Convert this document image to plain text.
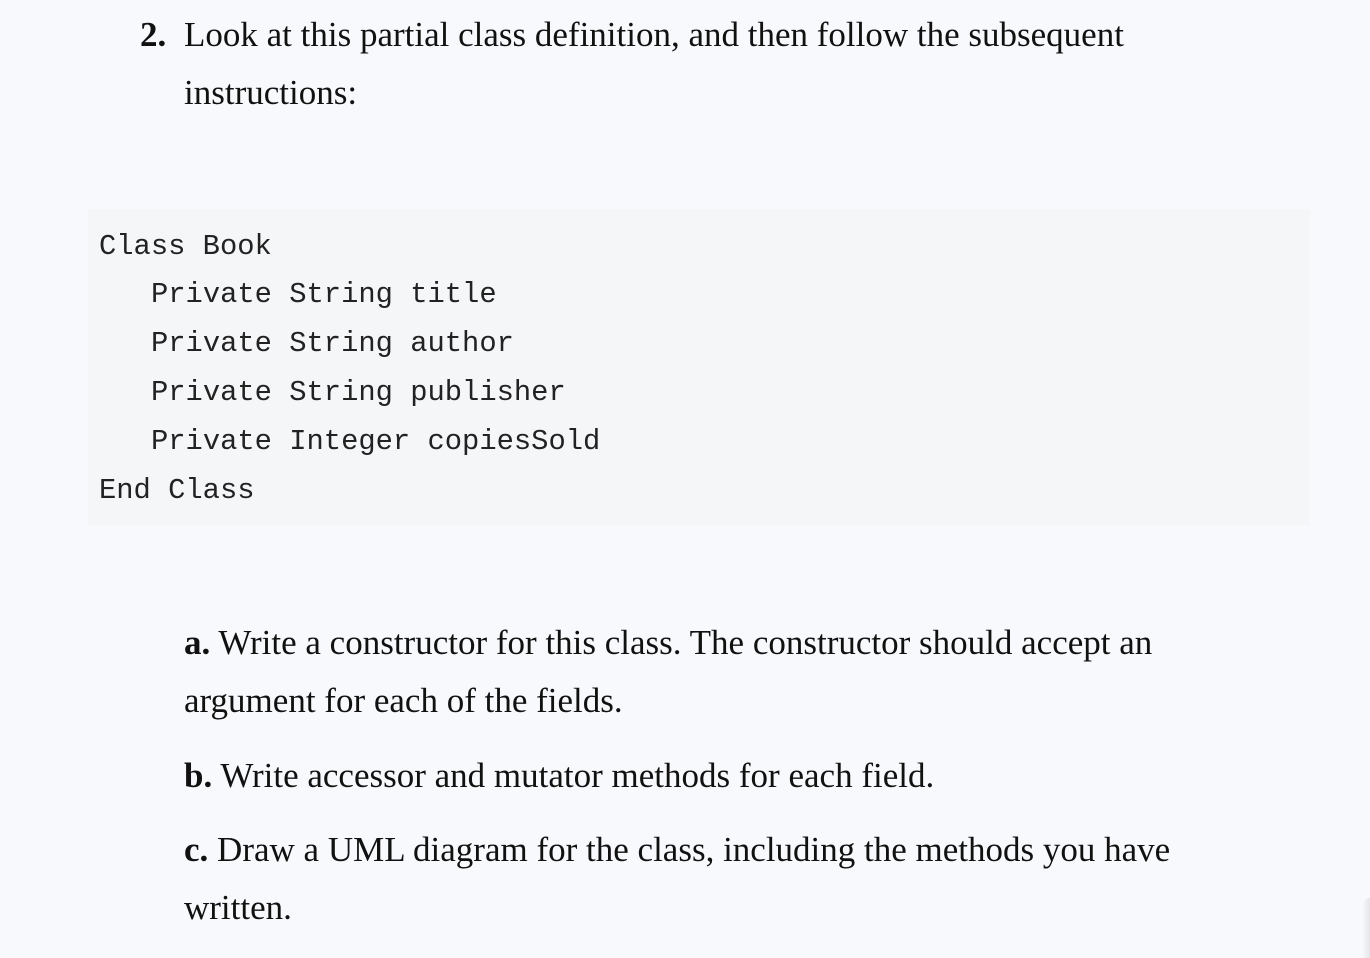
2. Look at this partial class definition, and then follow the subsequent instructions:
Class Book
Private String title
Private String author
Private String publisher
Private Integer copiesSold
End Class
a. Write a constructor for this class. The constructor should accept an argument for each of the fields.
b. Write accessor and mutator methods for each field.
c. Draw a UML diagram for the class, including the methods you have written.
